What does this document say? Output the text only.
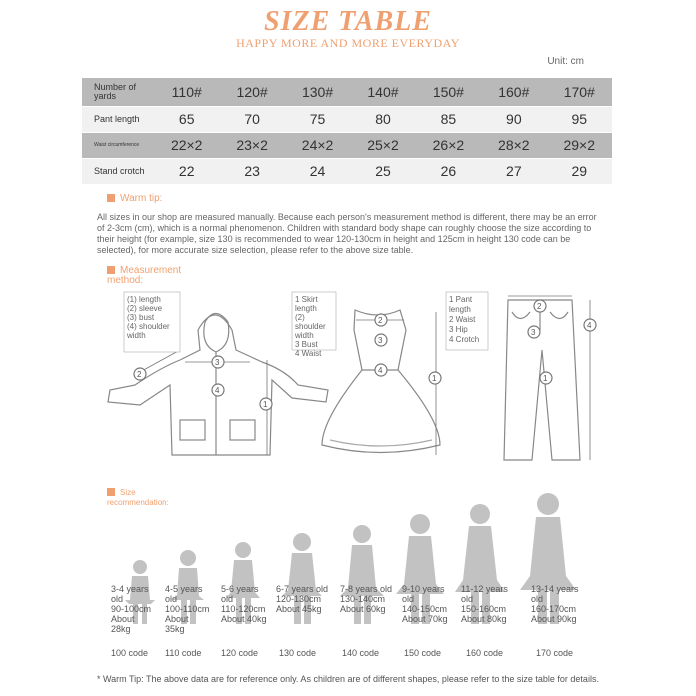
SIZE TABLE
HAPPY MORE AND MORE EVERYDAY
Unit: cm
Number of yards	110#	120#	130#	140#	150#	160#	170#
Pant length	65	70	75	80	85	90	95
Waist circumference	22×2	23×2	24×2	25×2	26×2	28×2	29×2
Stand crotch	22	23	24	25	26	27	29
Warm tip:
All sizes in our shop are measured manually. Because each person's measurement method is different, there may be an error of 2-3cm (cm), which is a normal phenomenon. Children with standard body shape can roughly choose the size according to their height (for example, size 130 is recommended to wear 120-130cm in height and 125cm in height 130 code can be selected), for more accurate size selection, please refer to the above size table.
Measurement method:
1
2
3
4
1
2
3
4
1
2
3
4
(1) length
(2) sleeve
(3) bust
(4) shoulder width
1 Skirt length
(2) shoulder width
3 Bust
4 Waist
1 Pant length
2 Waist
3 Hip
4 Crotch
Size recommendation:
3-4 years old
90-100cm
About 28kg
4-5 years old
100-110cm
About 35kg
5-6 years old
110-120cm
About 40kg
6-7 years old
120-130cm
About 45kg
7-8 years old
130-140cm
About 60kg
9-10 years old
140-150cm
About 70kg
11-12 years old
150-160cm
About 80kg
13-14 years old
160-170cm
About 90kg
100 code	110 code	120 code	130 code	140 code	150 code	160 code	170 code
* Warm Tip: The above data are for reference only. As children are of different shapes, please refer to the size table for details.
